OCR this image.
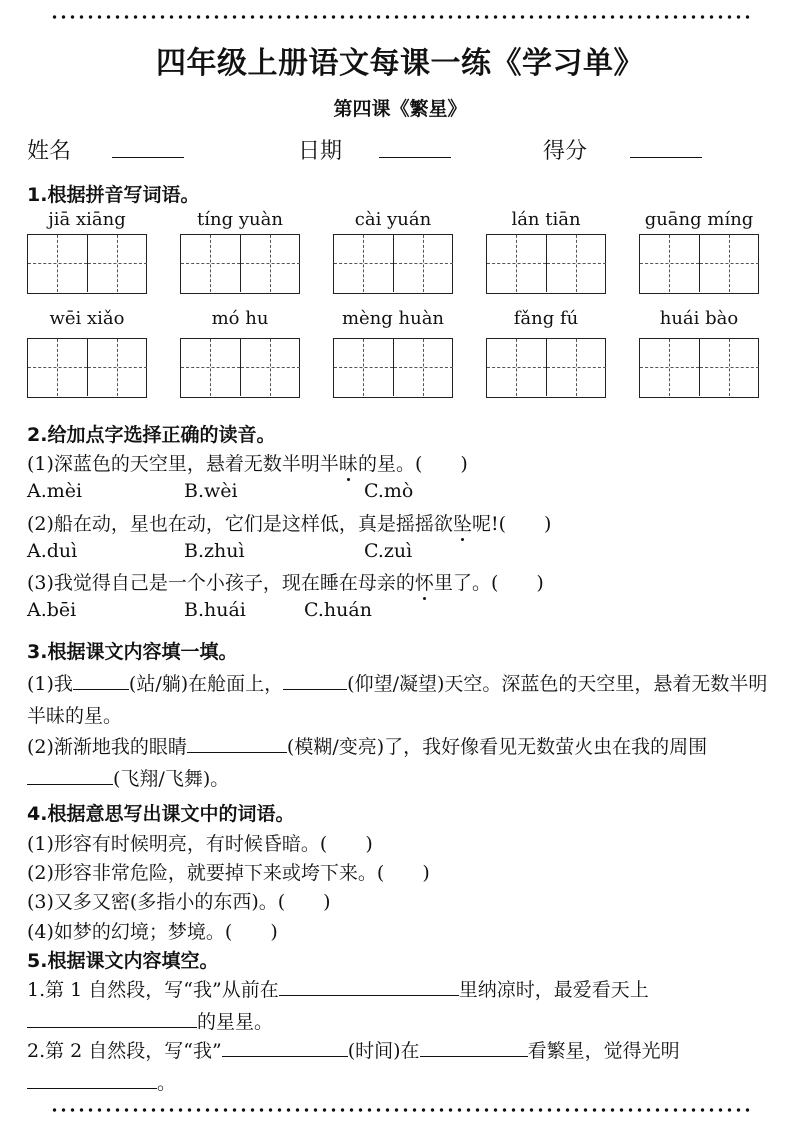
四年级上册语文每课一练《学习单》
第四课《繁星》
姓名	日期	得分
1.根据拼音写词语。
jiā xiāng	tíng yuàn	cài yuán	lán tiān	guāng míng
wēi xiǎo	mó hu	mèng huàn	fǎng fú	huái bào
2.给加点字选择正确的读音。
(1)深蓝色的天空里，悬着无数半明半昧的星。(　　)
A.mèi	B.wèi	C.mò
(2)船在动，星也在动，它们是这样低，真是摇摇欲坠呢!(　　)
A.duì	B.zhuì	C.zuì
(3)我觉得自己是一个小孩子，现在睡在母亲的怀里了。(　　)
A.bēi	B.huái	C.huán
3.根据课文内容填一填。
(1)我	(站/躺)在舱面上，	(仰望/凝望)天空。深蓝色的天空里，悬着无数半明半昧的星。
(2)渐渐地我的眼睛	(模糊/变亮)了，我好像看见无数萤火虫在我的周围(飞翔/飞舞)。
4.根据意思写出课文中的词语。
(1)形容有时候明亮，有时候昏暗。(　　)
(2)形容非常危险，就要掉下来或垮下来。(　　)
(3)又多又密(多指小的东西)。(　　)
(4)如梦的幻境；梦境。(　　)
5.根据课文内容填空。
1.第 1 自然段，写“我”从前在	里纳凉时，最爱看天上的星星。
2.第 2 自然段，写“我”	(时间)在	看繁星，觉得光明。
